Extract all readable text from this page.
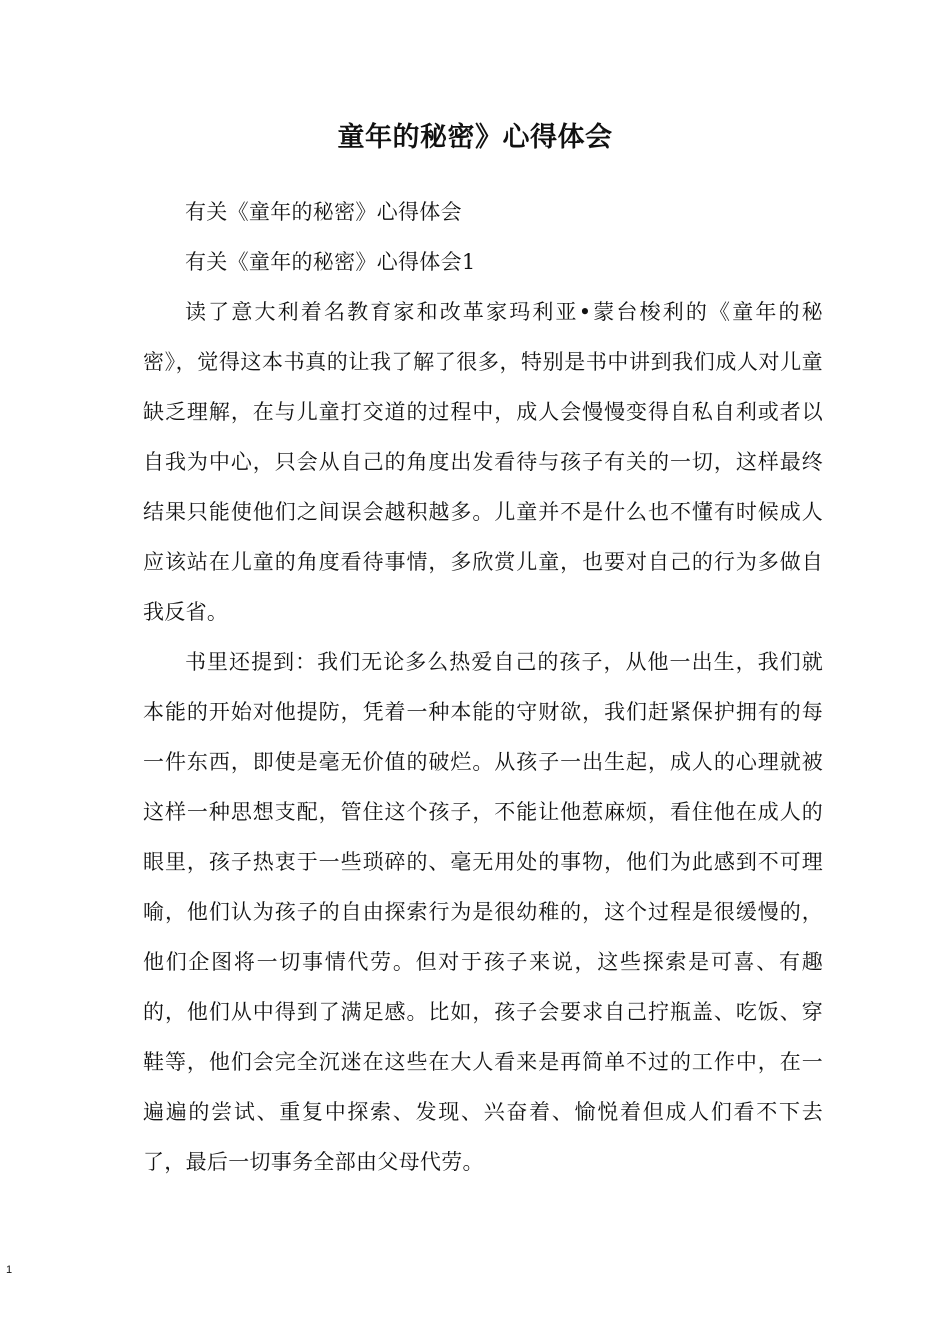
童年的秘密》心得体会

有关《童年的秘密》心得体会

有关《童年的秘密》心得体会1

读了意大利着名教育家和改革家玛利亚•蒙台梭利的《童年的秘密》，觉得这本书真的让我了解了很多，特别是书中讲到我们成人对儿童缺乏理解，在与儿童打交道的过程中，成人会慢慢变得自私自利或者以自我为中心，只会从自己的角度出发看待与孩子有关的一切，这样最终结果只能使他们之间误会越积越多。儿童并不是什么也不懂有时候成人应该站在儿童的角度看待事情，多欣赏儿童，也要对自己的行为多做自我反省。

书里还提到：我们无论多么热爱自己的孩子，从他一出生，我们就本能的开始对他提防，凭着一种本能的守财欲，我们赶紧保护拥有的每一件东西，即使是毫无价值的破烂。从孩子一出生起，成人的心理就被这样一种思想支配，管住这个孩子，不能让他惹麻烦，看住他在成人的眼里，孩子热衷于一些琐碎的、毫无用处的事物，他们为此感到不可理喻，他们认为孩子的自由探索行为是很幼稚的，这个过程是很缓慢的，他们企图将一切事情代劳。但对于孩子来说，这些探索是可喜、有趣的，他们从中得到了满足感。比如，孩子会要求自己拧瓶盖、吃饭、穿鞋等，他们会完全沉迷在这些在大人看来是再简单不过的工作中，在一遍遍的尝试、重复中探索、发现、兴奋着、愉悦着但成人们看不下去了，最后一切事务全部由父母代劳。

1
